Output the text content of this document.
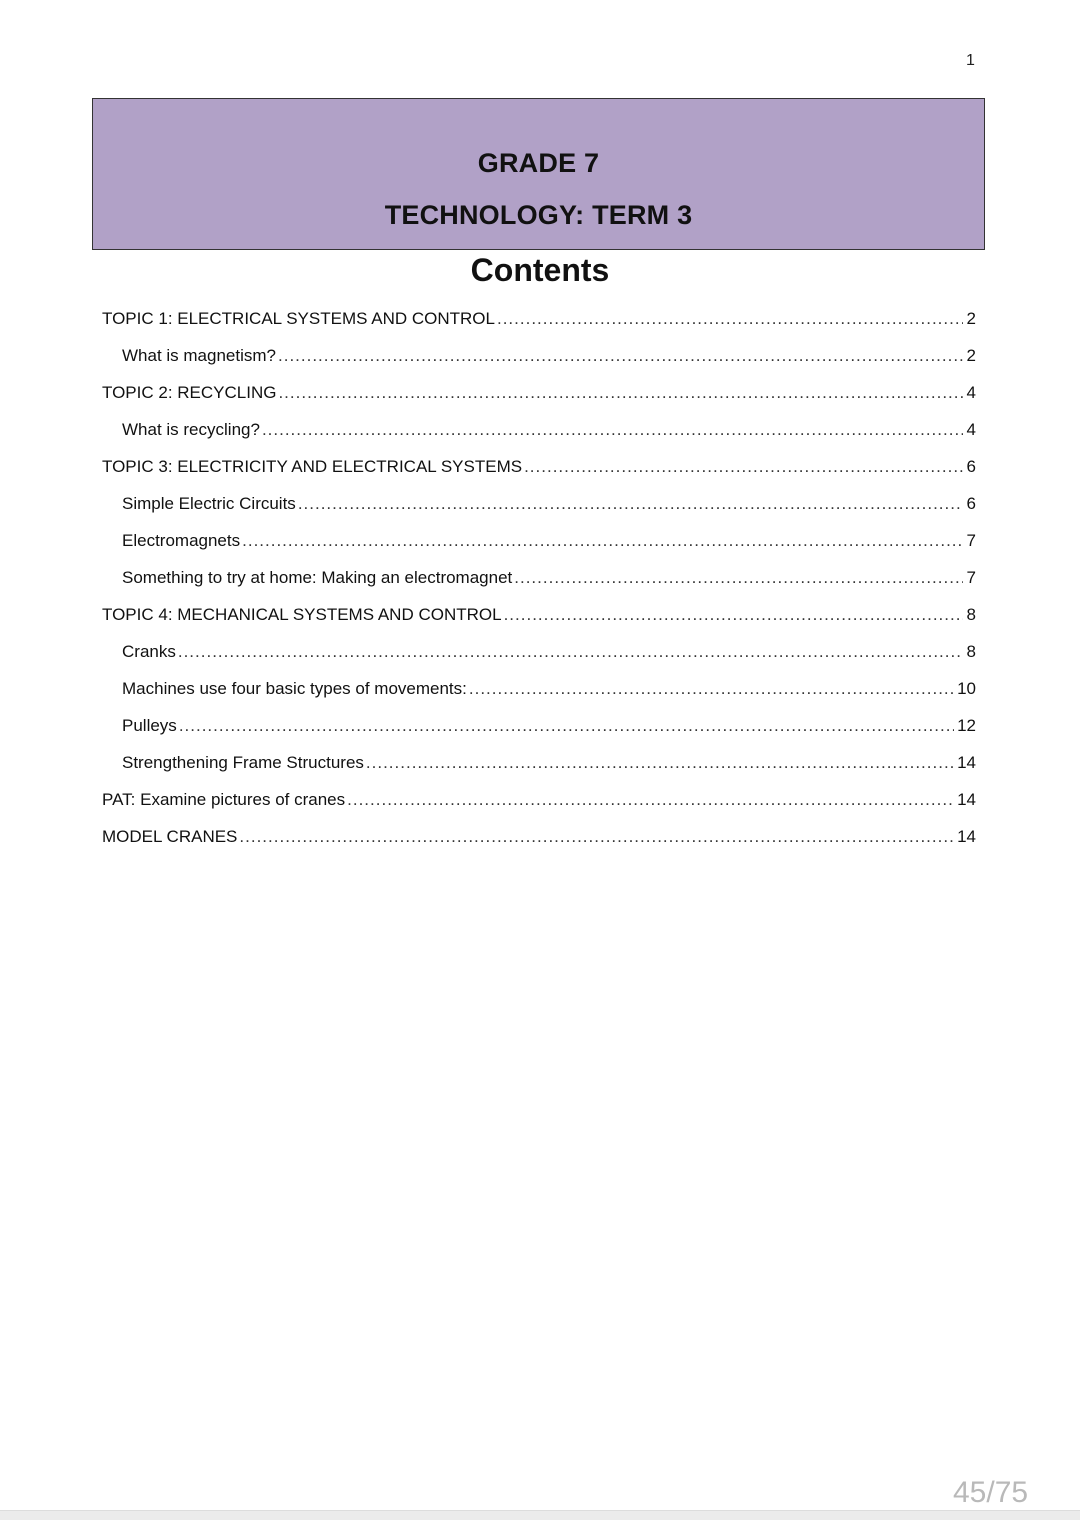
1
GRADE 7
TECHNOLOGY: TERM 3
Contents
TOPIC 1: ELECTRICAL SYSTEMS AND CONTROL .....	2
What is magnetism? .....	2
TOPIC 2: RECYCLING .....	4
What is recycling? .....	4
TOPIC 3: ELECTRICITY AND ELECTRICAL SYSTEMS .....	6
Simple Electric Circuits .....	6
Electromagnets .....	7
Something to try at home: Making an electromagnet .....	7
TOPIC 4: MECHANICAL SYSTEMS AND CONTROL .....	8
Cranks .....	8
Machines use four basic types of movements: .....	10
Pulleys .....	12
Strengthening Frame Structures .....	14
PAT: Examine pictures of cranes .....	14
MODEL CRANES .....	14
45/75
